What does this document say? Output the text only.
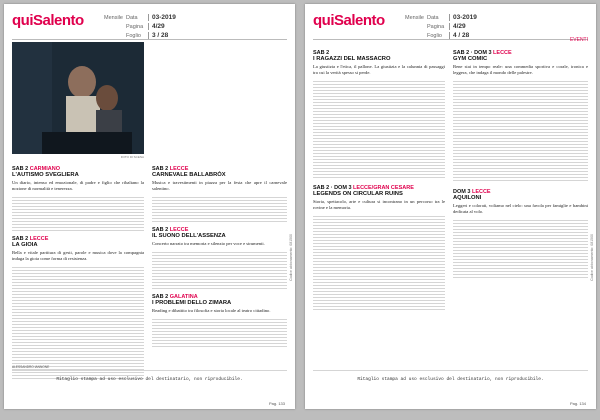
quiSalento	Mensile Data	03-2019
Pagina	4/29
Foglio	3 / 28
FOTO DI SCENA
SAB 2 CARMIANO
L'AUTISMO SVEGLIERA

Un diario, intenso ed emozionale, di padre e figlio che ribaltano la nozione di normalità e tenerezza.

SAB 2 LECCE
LA GIOIA

Bella e vitale partitura di gesti, parole e musica dove la compagnia indaga la gioia come forma di resistenza.

SAB 2 LECCE
CARNEVALE BALLABRÒX

Musica e travestimenti in piazza per la festa che apre il carnevale salentino.

SAB 2 LECCE
IL SUONO DELL'ASSENZA

Concerto narrato tra memoria e silenzio per voce e strumenti.

SAB 2 GALATINA
I PROBLEMI DELLO ZIMARA

Reading e dibattito tra filosofia e storia locale al teatro cittadino.

ALESSANDRO IANNONE
Ritaglio stampa ad uso esclusivo del destinatario, non riproducibile.
Pag. 133
Codice abbonamento: 081500
quiSalento	Mensile Data	03-2019
Pagina	4/29
Foglio	4 / 28
EVENTI
SAB 2
I RAGAZZI DEL MASSACRO

La giustizia e l'etica, il pallone. La giustizia e la calunnia di passaggi tra cui la verità spesso si perde.

SAB 2 · DOM 3 LECCE/GRAN CESARE
LEGENDS ON CIRCULAR RUINS

Storia, spettacolo, arte e cultura si incontrano in un percorso tra le rovine e la memoria.

SAB 2 · DOM 3 LECCE
GYM COMIC

Bene stai in tempo reale: una commedia sportiva e corale, ironica e leggera, che indaga il mondo delle palestre.

DOM 3 LECCE
AQUILONI

Leggeri e colorati, voliamo nel cielo: una favola per famiglie e bambini dedicata al volo.

Ritaglio stampa ad uso esclusivo del destinatario, non riproducibile.
Pag. 134
Codice abbonamento: 081500
